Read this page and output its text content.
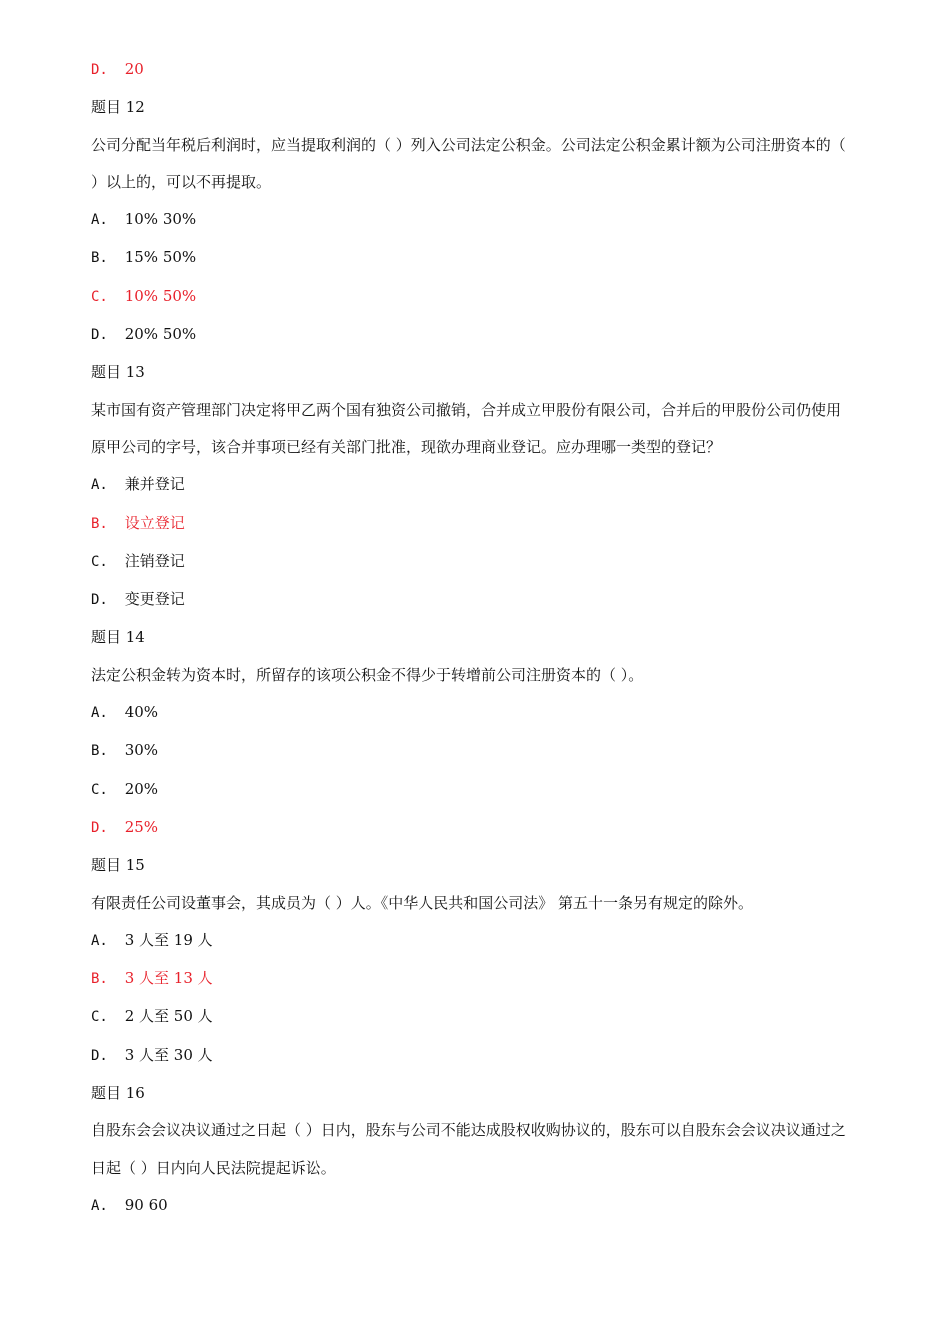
D. 20

题目 12

公司分配当年税后利润时，应当提取利润的（ ）列入公司法定公积金。公司法定公积金累计额为公司注册资本的（ ）以上的，可以不再提取。

A. 10% 30%

B. 15% 50%

C. 10% 50%

D. 20% 50%

题目 13

某市国有资产管理部门决定将甲乙两个国有独资公司撤销，合并成立甲股份有限公司，合并后的甲股份公司仍使用原甲公司的字号，该合并事项已经有关部门批准，现欲办理商业登记。应办理哪一类型的登记？

A. 兼并登记

B. 设立登记

C. 注销登记

D. 变更登记

题目 14

法定公积金转为资本时，所留存的该项公积金不得少于转增前公司注册资本的（ ）。

A. 40%

B. 30%

C. 20%

D. 25%

题目 15

有限责任公司设董事会，其成员为（ ）人。《中华人民共和国公司法》 第五十一条另有规定的除外。

A. 3 人至 19 人

B. 3 人至 13 人

C. 2 人至 50 人

D. 3 人至 30 人

题目 16

自股东会会议决议通过之日起（ ）日内，股东与公司不能达成股权收购协议的，股东可以自股东会会议决议通过之日起（ ）日内向人民法院提起诉讼。

A. 90 60
